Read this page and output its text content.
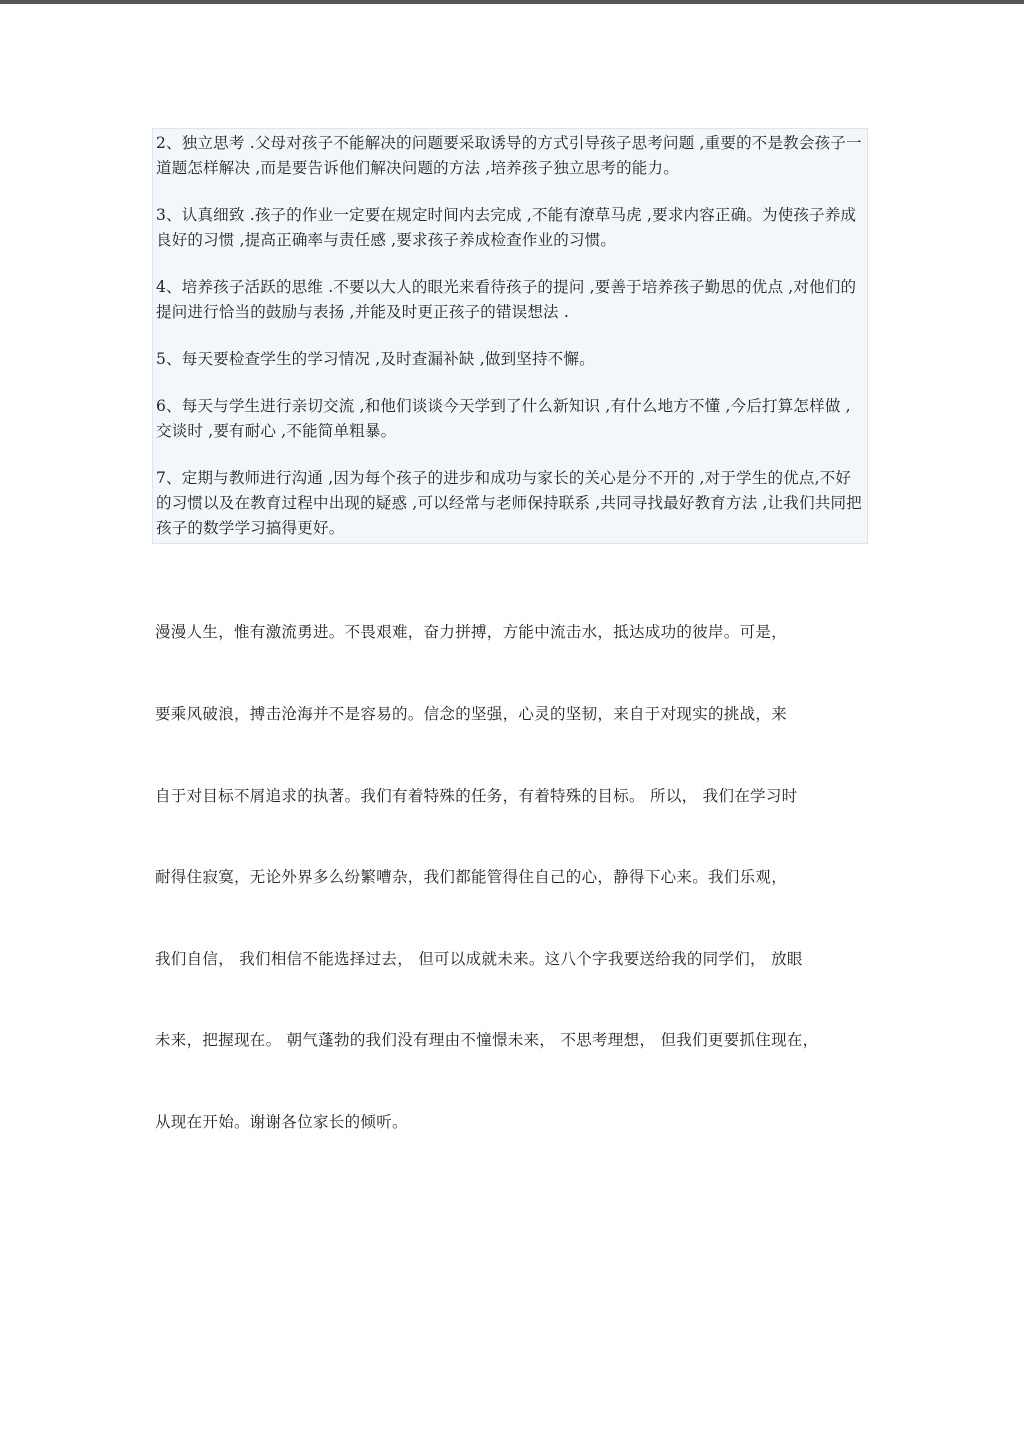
2、独立思考 .父母对孩子不能解决的问题要采取诱导的方式引导孩子思考问题 ,重要的不是教会孩子一道题怎样解决 ,而是要告诉他们解决问题的方法 ,培养孩子独立思考的能力。

3、认真细致 .孩子的作业一定要在规定时间内去完成 ,不能有潦草马虎 ,要求内容正确。为使孩子养成良好的习惯 ,提高正确率与责任感 ,要求孩子养成检查作业的习惯。

4、培养孩子活跃的思维 .不要以大人的眼光来看待孩子的提问 ,要善于培养孩子勤思的优点 ,对他们的提问进行恰当的鼓励与表扬 ,并能及时更正孩子的错误想法 .

5、每天要检查学生的学习情况 ,及时查漏补缺 ,做到坚持不懈。

6、每天与学生进行亲切交流 ,和他们谈谈今天学到了什么新知识 ,有什么地方不懂 ,今后打算怎样做 ,交谈时 ,要有耐心 ,不能简单粗暴。

7、定期与教师进行沟通 ,因为每个孩子的进步和成功与家长的关心是分不开的 ,对于学生的优点,不好的习惯以及在教育过程中出现的疑惑 ,可以经常与老师保持联系 ,共同寻找最好教育方法 ,让我们共同把孩子的数学学习搞得更好。

漫漫人生，惟有激流勇进。不畏艰难，奋力拼搏，方能中流击水，抵达成功的彼岸。可是，

要乘风破浪，搏击沧海并不是容易的。信念的坚强，心灵的坚韧，来自于对现实的挑战，来

自于对目标不屑追求的执著。我们有着特殊的任务，有着特殊的目标。 所以， 我们在学习时

耐得住寂寞，无论外界多么纷繁嘈杂，我们都能管得住自己的心，静得下心来。我们乐观，

我们自信， 我们相信不能选择过去， 但可以成就未来。这八个字我要送给我的同学们， 放眼

未来，把握现在。 朝气蓬勃的我们没有理由不憧憬未来， 不思考理想， 但我们更要抓住现在，

从现在开始。谢谢各位家长的倾听。
